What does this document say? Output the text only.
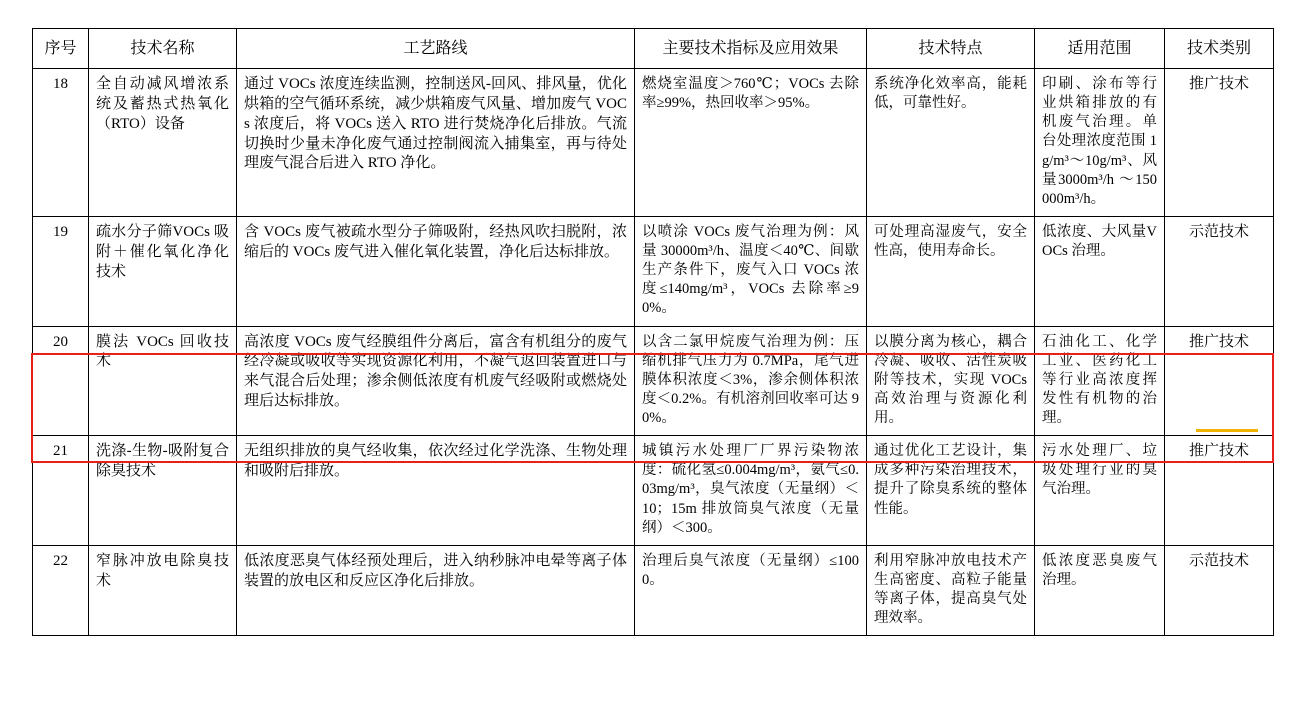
序号	技术名称	工艺路线	主要技术指标及应用效果	技术特点	适用范围	技术类别
18	全自动减风增浓系统及蓄热式热氧化（RTO）设备	通过 VOCs 浓度连续监测，控制送风-回风、排风量，优化烘箱的空气循环系统，减少烘箱废气风量、增加废气 VOCs 浓度后，将 VOCs 送入 RTO 进行焚烧净化后排放。气流切换时少量未净化废气通过控制阀流入捕集室，再与待处理废气混合后进入 RTO 净化。	燃烧室温度＞760℃；VOCs 去除率≥99%，热回收率＞95%。	系统净化效率高，能耗低，可靠性好。	印刷、涂布等行业烘箱排放的有机废气治理。单台处理浓度范围 1g/m³～10g/m³、风量3000m³/h ～150000m³/h。	推广技术
19	疏水分子筛VOCs 吸附＋催化氧化净化技术	含 VOCs 废气被疏水型分子筛吸附，经热风吹扫脱附，浓缩后的 VOCs 废气进入催化氧化装置，净化后达标排放。	以喷涂 VOCs 废气治理为例：风量 30000m³/h、温度＜40℃、间歇生产条件下，废气入口 VOCs 浓度≤140mg/m³，VOCs 去除率≥90%。	可处理高湿废气，安全性高，使用寿命长。	低浓度、大风量VOCs 治理。	示范技术
20	膜法 VOCs 回收技术	高浓度 VOCs 废气经膜组件分离后，富含有机组分的废气经冷凝或吸收等实现资源化利用，不凝气返回装置进口与来气混合后处理；渗余侧低浓度有机废气经吸附或燃烧处理后达标排放。	以含二氯甲烷废气治理为例：压缩机排气压力为 0.7MPa，尾气进膜体积浓度＜3%，渗余侧体积浓度＜0.2%。有机溶剂回收率可达 90%。	以膜分离为核心，耦合冷凝、吸收、活性炭吸附等技术，实现 VOCs 高效治理与资源化利用。	石油化工、化学工业、医药化工等行业高浓度挥发性有机物的治理。	推广技术
21	洗涤-生物-吸附复合除臭技术	无组织排放的臭气经收集，依次经过化学洗涤、生物处理和吸附后排放。	城镇污水处理厂厂界污染物浓度：硫化氢≤0.004mg/m³，氨气≤0.03mg/m³，臭气浓度（无量纲）＜10；15m 排放筒臭气浓度（无量纲）＜300。	通过优化工艺设计，集成多种污染治理技术，提升了除臭系统的整体性能。	污水处理厂、垃圾处理行业的臭气治理。	推广技术
22	窄脉冲放电除臭技术	低浓度恶臭气体经预处理后，进入纳秒脉冲电晕等离子体装置的放电区和反应区净化后排放。	治理后臭气浓度（无量纲）≤1000。	利用窄脉冲放电技术产生高密度、高粒子能量等离子体，提高臭气处理效率。	低浓度恶臭废气治理。	示范技术
